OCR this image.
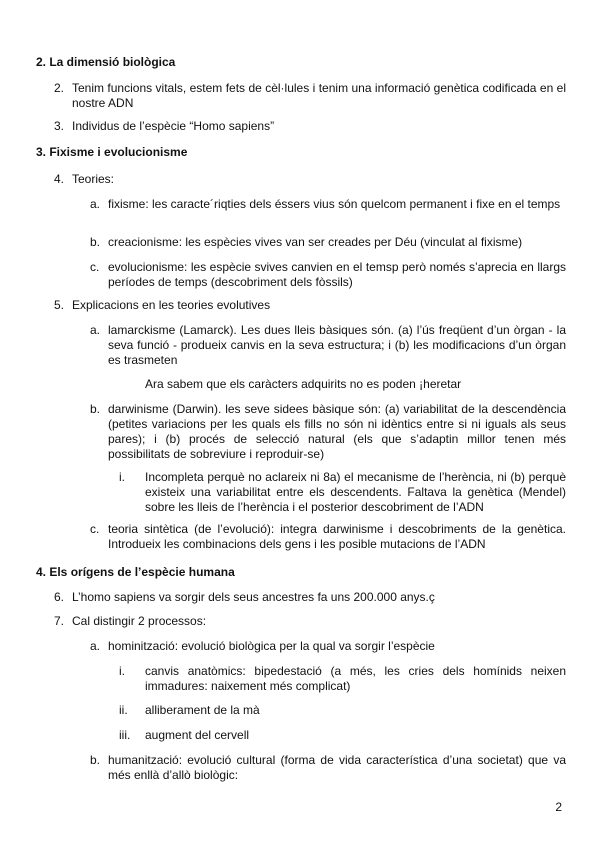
2. La dimensió biològica
2. Tenim funcions vitals, estem fets de cèl·lules i tenim una informació genètica codificada en el nostre ADN
3. Individus de l’espècie “Homo sapiens”
3. Fixisme i evolucionisme
4. Teories:
a. fixisme: les caracte´riqties dels éssers vius són quelcom permanent i fixe en el temps
b. creacionisme: les espècies vives van ser creades per Déu (vinculat al fixisme)
c. evolucionisme: les espècie svives canvien en el temsp però només s’aprecia en llargs períodes de temps (descobriment dels fòssils)
5. Explicacions en les teories evolutives
a. lamarckisme (Lamarck). Les dues lleis bàsiques són. (a) l’ús freqüent d’un òrgan - la seva funció - produeix canvis en la seva estructura; i (b) les modificacions d’un òrgan es trasmeten
Ara sabem que els caràcters adquirits no es poden ¡heretar
b. darwinisme (Darwin). les seve sidees bàsique són: (a) variabilitat de la descendència (petites variacions per les quals els fills no són ni idèntics entre si ni iguals als seus pares); i (b) procés de selecció natural (els que s’adaptin millor tenen més possibilitats de sobreviure i reproduir-se)
i.	Incompleta perquè no aclareix ni 8a) el mecanisme de l’herència, ni (b) perquè existeix una variabilitat entre els descendents. Faltava la genètica (Mendel) sobre les lleis de l’herència i el posterior descobriment de l’ADN
c. teoria sintètica (de l’evolució): integra darwinisme i descobriments de la genètica. Introdueix les combinacions dels gens i les posible mutacions de l’ADN
4. Els orígens de l’espècie humana
6. L’homo sapiens va sorgir dels seus ancestres fa uns 200.000 anys.ç
7. Cal distingir 2 processos:
a. hominització: evolució biològica per la qual va sorgir l’espècie
i.	canvis anatòmics: bipedestació (a més, les cries dels homínids neixen immadures: naixement més complicat)
ii.	alliberament de la mà
iii.	augment del cervell
b. humanització: evolució cultural (forma de vida característica d’una societat) que va més enllà d’allò biològic:
2
